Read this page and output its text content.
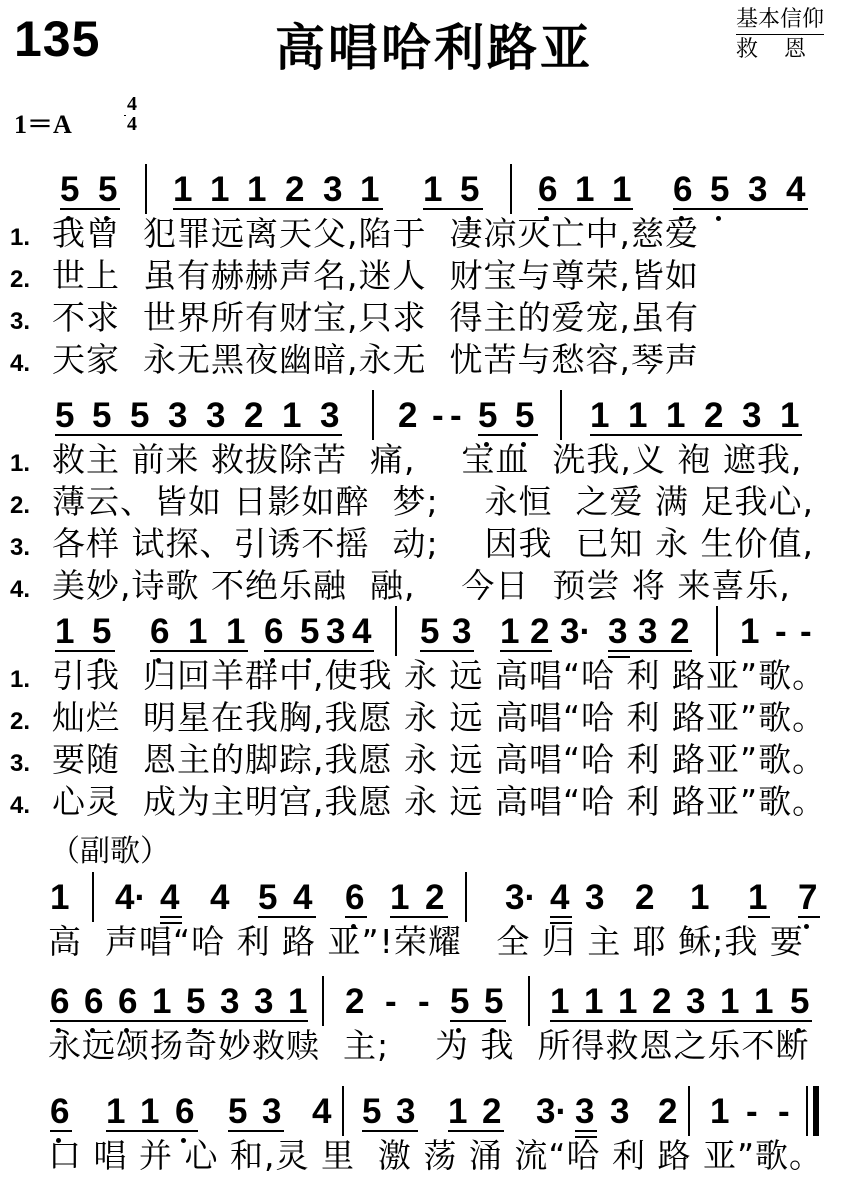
135	高唱哈利路亚	基本信仰
救恩
1＝A
4
4
5 5 1 1 1 2 3 1 1 5 6 1 1 6 5 3 4
1. 我曾  犯罪远离天父,陷于  凄凉灭亡中,慈爱
2. 世上  虽有赫赫声名,迷人  财宝与尊荣,皆如
3. 不求  世界所有财宝,只求  得主的爱宠,虽有
4. 天家  永无黑夜幽暗,永无  忧苦与愁容,琴声
5 5 5 3 3 2 1 3 2 - - 5 5 1 1 1 2 3 1
1. 救主 前来 救拔除苦  痛,    宝血  洗我,义 袍 遮我,
2. 薄云、皆如 日影如醉  梦;    永恒  之爱 满 足我心,
3. 各样 试探、引诱不摇  动;    因我  已知 永 生价值,
4. 美妙,诗歌 不绝乐融  融,    今日  预尝 将 来喜乐,
1 5 6 1 1 6 5 3 4 5 3 1 2 3· 3 3 2 1 - -
1. 引我  归回羊群中,使我 永 远 高唱“哈 利 路亚”歌。
2. 灿烂  明星在我胸,我愿 永 远 高唱“哈 利 路亚”歌。
3. 要随  恩主的脚踪,我愿 永 远 高唱“哈 利 路亚”歌。
4. 心灵  成为主明宫,我愿 永 远 高唱“哈 利 路亚”歌。
（副歌）
1 4· 4 4 5 4 6 1 2 3· 4 3 2 1 1 7
高  声唱“哈 利 路 亚”!荣耀   全 归 主 耶 稣;我 要
6 6 6 1 5 3 3 1 2 - - 5 5 1 1 1 2 3 1 1 5
永远颂扬奇妙救赎  主;    为 我  所得救恩之乐不断
6 1 1 6 5 3 4 5 3 1 2 3· 3 3 2 1 - -
口 唱 并 心 和,灵 里  激 荡 涌 流“哈 利 路 亚”歌。
